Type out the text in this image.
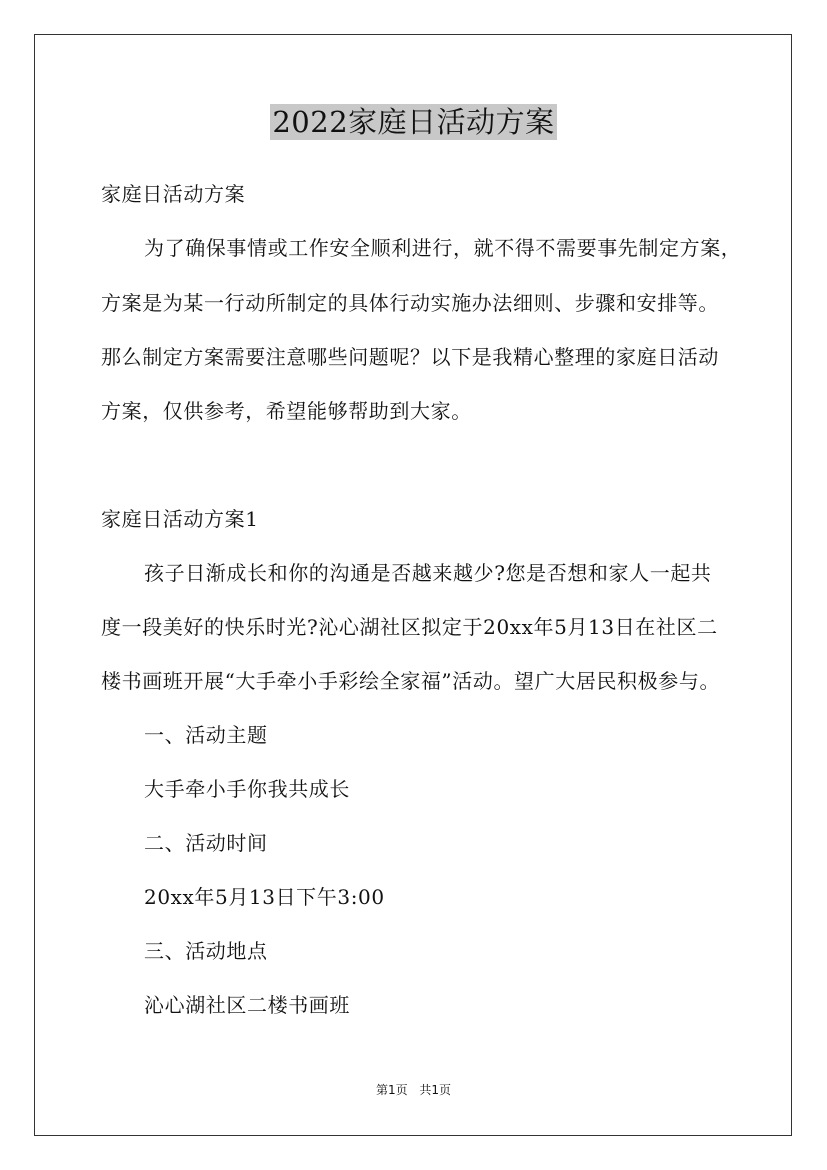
2022家庭日活动方案
家庭日活动方案
为了确保事情或工作安全顺利进行，就不得不需要事先制定方案，
方案是为某一行动所制定的具体行动实施办法细则、步骤和安排等。
那么制定方案需要注意哪些问题呢？以下是我精心整理的家庭日活动
方案，仅供参考，希望能够帮助到大家。
家庭日活动方案1
孩子日渐成长和你的沟通是否越来越少?您是否想和家人一起共
度一段美好的快乐时光?沁心湖社区拟定于20xx年5月13日在社区二
楼书画班开展“大手牵小手彩绘全家福”活动。望广大居民积极参与。
一、活动主题
大手牵小手你我共成长
二、活动时间
20xx年5月13日下午3:00
三、活动地点
沁心湖社区二楼书画班
第1页 共1页
